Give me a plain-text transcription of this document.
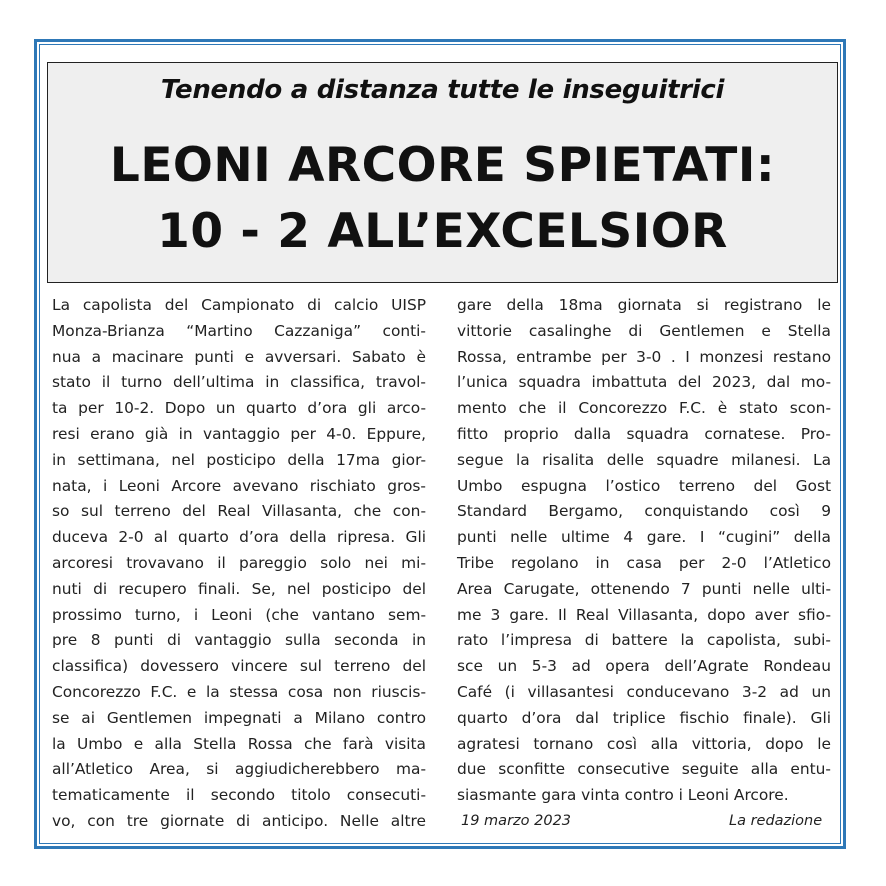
Tenendo a distanza tutte le inseguitrici
LEONI ARCORE SPIETATI:
10 - 2 ALL’EXCELSIOR
La capolista del Campionato di calcio UISP
Monza-Brianza “Martino Cazzaniga” conti-
nua a macinare punti e avversari. Sabato è
stato il turno dell’ultima in classifica, travol-
ta per 10-2. Dopo un quarto d’ora gli arco-
resi erano già in vantaggio per 4-0. Eppure,
in settimana, nel posticipo della 17ma gior-
nata, i Leoni Arcore avevano rischiato gros-
so sul terreno del Real Villasanta, che con-
duceva 2-0 al quarto d’ora della ripresa. Gli
arcoresi trovavano il pareggio solo nei mi-
nuti di recupero finali. Se, nel posticipo del
prossimo turno, i Leoni (che vantano sem-
pre 8 punti di vantaggio sulla seconda in
classifica) dovessero vincere sul terreno del
Concorezzo F.C. e la stessa cosa non riuscis-
se ai Gentlemen impegnati a Milano contro
la Umbo e alla Stella Rossa che farà visita
all’Atletico Area, si aggiudicherebbero ma-
tematicamente il secondo titolo consecuti-
vo, con tre giornate di anticipo. Nelle altre
gare della 18ma giornata si registrano le
vittorie casalinghe di Gentlemen e Stella
Rossa, entrambe per 3-0 . I monzesi restano
l’unica squadra imbattuta del 2023, dal mo-
mento che il Concorezzo F.C. è stato scon-
fitto proprio dalla squadra cornatese. Pro-
segue la risalita delle squadre milanesi. La
Umbo espugna l’ostico terreno del Gost
Standard Bergamo, conquistando così 9
punti nelle ultime 4 gare. I “cugini” della
Tribe regolano in casa per 2-0 l’Atletico
Area Carugate, ottenendo 7 punti nelle ulti-
me 3 gare. Il Real Villasanta, dopo aver sfio-
rato l’impresa di battere la capolista, subi-
sce un 5-3 ad opera dell’Agrate Rondeau
Café (i villasantesi conducevano 3-2 ad un
quarto d’ora dal triplice fischio finale). Gli
agratesi tornano così alla vittoria, dopo le
due sconfitte consecutive seguite alla entu-
siasmante gara vinta contro i Leoni Arcore.
19 marzo 2023	La redazione
